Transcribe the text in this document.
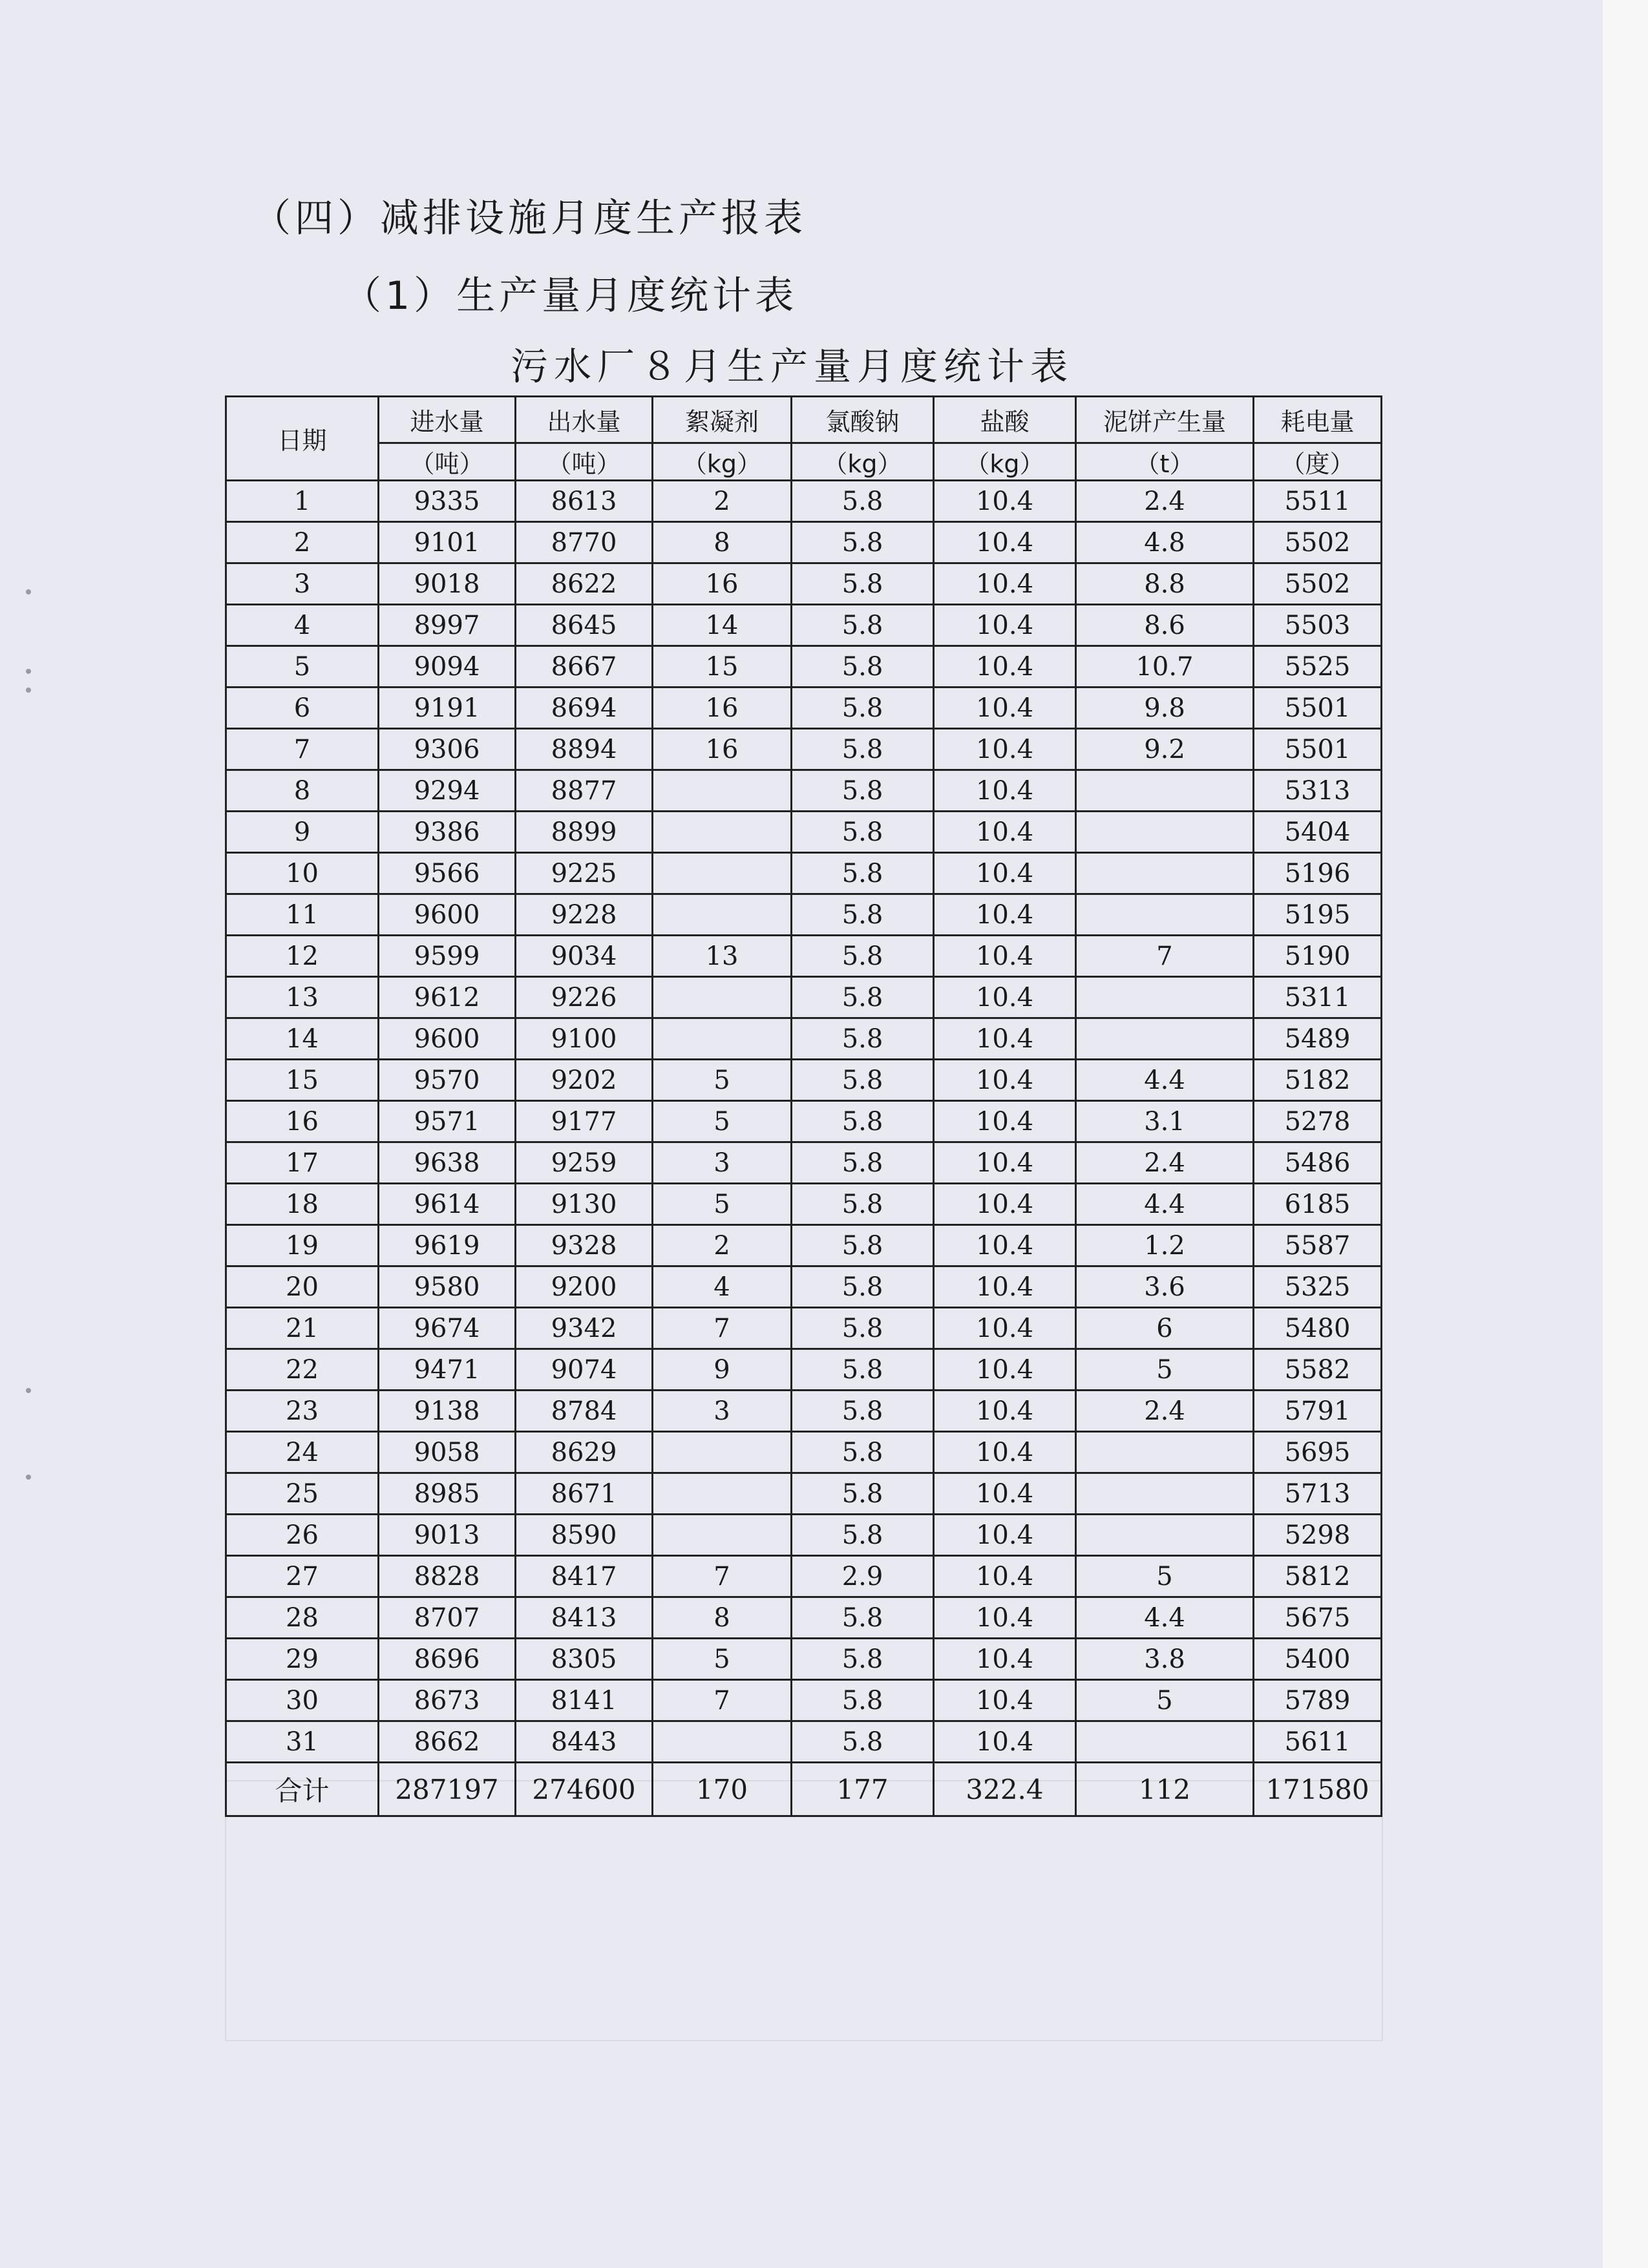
（四）减排设施月度生产报表
（1）生产量月度统计表
污水厂８月生产量月度统计表
日期	进水量	出水量	絮凝剂	氯酸钠	盐酸	泥饼产生量	耗电量
	（吨）	（吨）	（kg）	（kg）	（kg）	（t）	（度）
1	9335	8613	2	5.8	10.4	2.4	5511
2	9101	8770	8	5.8	10.4	4.8	5502
3	9018	8622	16	5.8	10.4	8.8	5502
4	8997	8645	14	5.8	10.4	8.6	5503
5	9094	8667	15	5.8	10.4	10.7	5525
6	9191	8694	16	5.8	10.4	9.8	5501
7	9306	8894	16	5.8	10.4	9.2	5501
8	9294	8877		5.8	10.4		5313
9	9386	8899		5.8	10.4		5404
10	9566	9225		5.8	10.4		5196
11	9600	9228		5.8	10.4		5195
12	9599	9034	13	5.8	10.4	7	5190
13	9612	9226		5.8	10.4		5311
14	9600	9100		5.8	10.4		5489
15	9570	9202	5	5.8	10.4	4.4	5182
16	9571	9177	5	5.8	10.4	3.1	5278
17	9638	9259	3	5.8	10.4	2.4	5486
18	9614	9130	5	5.8	10.4	4.4	6185
19	9619	9328	2	5.8	10.4	1.2	5587
20	9580	9200	4	5.8	10.4	3.6	5325
21	9674	9342	7	5.8	10.4	6	5480
22	9471	9074	9	5.8	10.4	5	5582
23	9138	8784	3	5.8	10.4	2.4	5791
24	9058	8629		5.8	10.4		5695
25	8985	8671		5.8	10.4		5713
26	9013	8590		5.8	10.4		5298
27	8828	8417	7	2.9	10.4	5	5812
28	8707	8413	8	5.8	10.4	4.4	5675
29	8696	8305	5	5.8	10.4	3.8	5400
30	8673	8141	7	5.8	10.4	5	5789
31	8662	8443		5.8	10.4		5611
合计	287197	274600	170	177	322.4	112	171580
